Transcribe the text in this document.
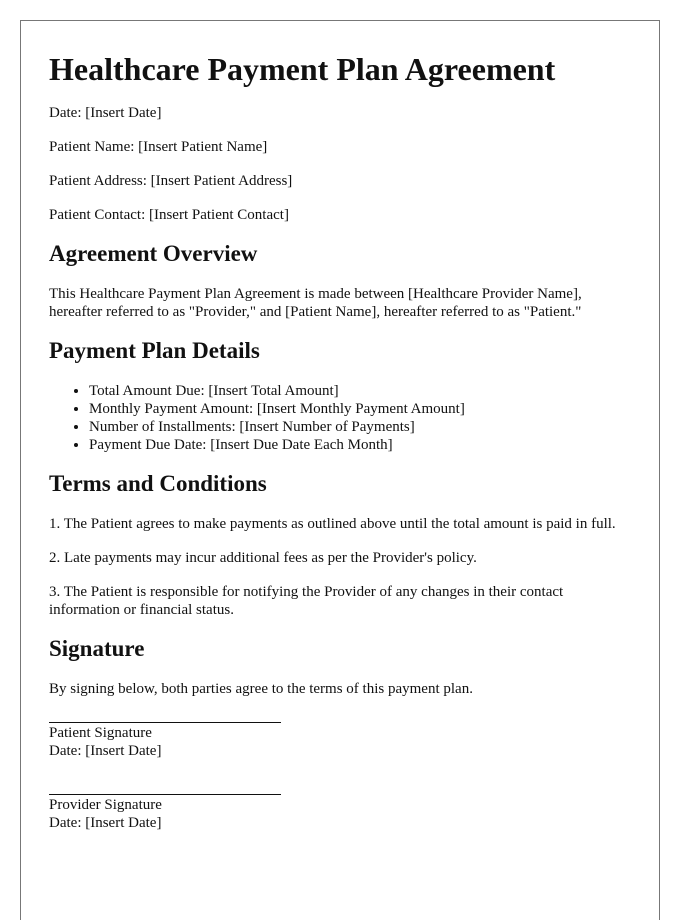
Healthcare Payment Plan Agreement

Date: [Insert Date]

Patient Name: [Insert Patient Name]

Patient Address: [Insert Patient Address]

Patient Contact: [Insert Patient Contact]

Agreement Overview

This Healthcare Payment Plan Agreement is made between [Healthcare Provider Name], hereafter referred to as "Provider," and [Patient Name], hereafter referred to as "Patient."

Payment Plan Details
• Total Amount Due: [Insert Total Amount]
• Monthly Payment Amount: [Insert Monthly Payment Amount]
• Number of Installments: [Insert Number of Payments]
• Payment Due Date: [Insert Due Date Each Month]
Terms and Conditions

1. The Patient agrees to make payments as outlined above until the total amount is paid in full.

2. Late payments may incur additional fees as per the Provider's policy.

3. The Patient is responsible for notifying the Provider of any changes in their contact information or financial status.

Signature

By signing below, both parties agree to the terms of this payment plan.

Patient Signature
Date: [Insert Date]
Provider Signature
Date: [Insert Date]
